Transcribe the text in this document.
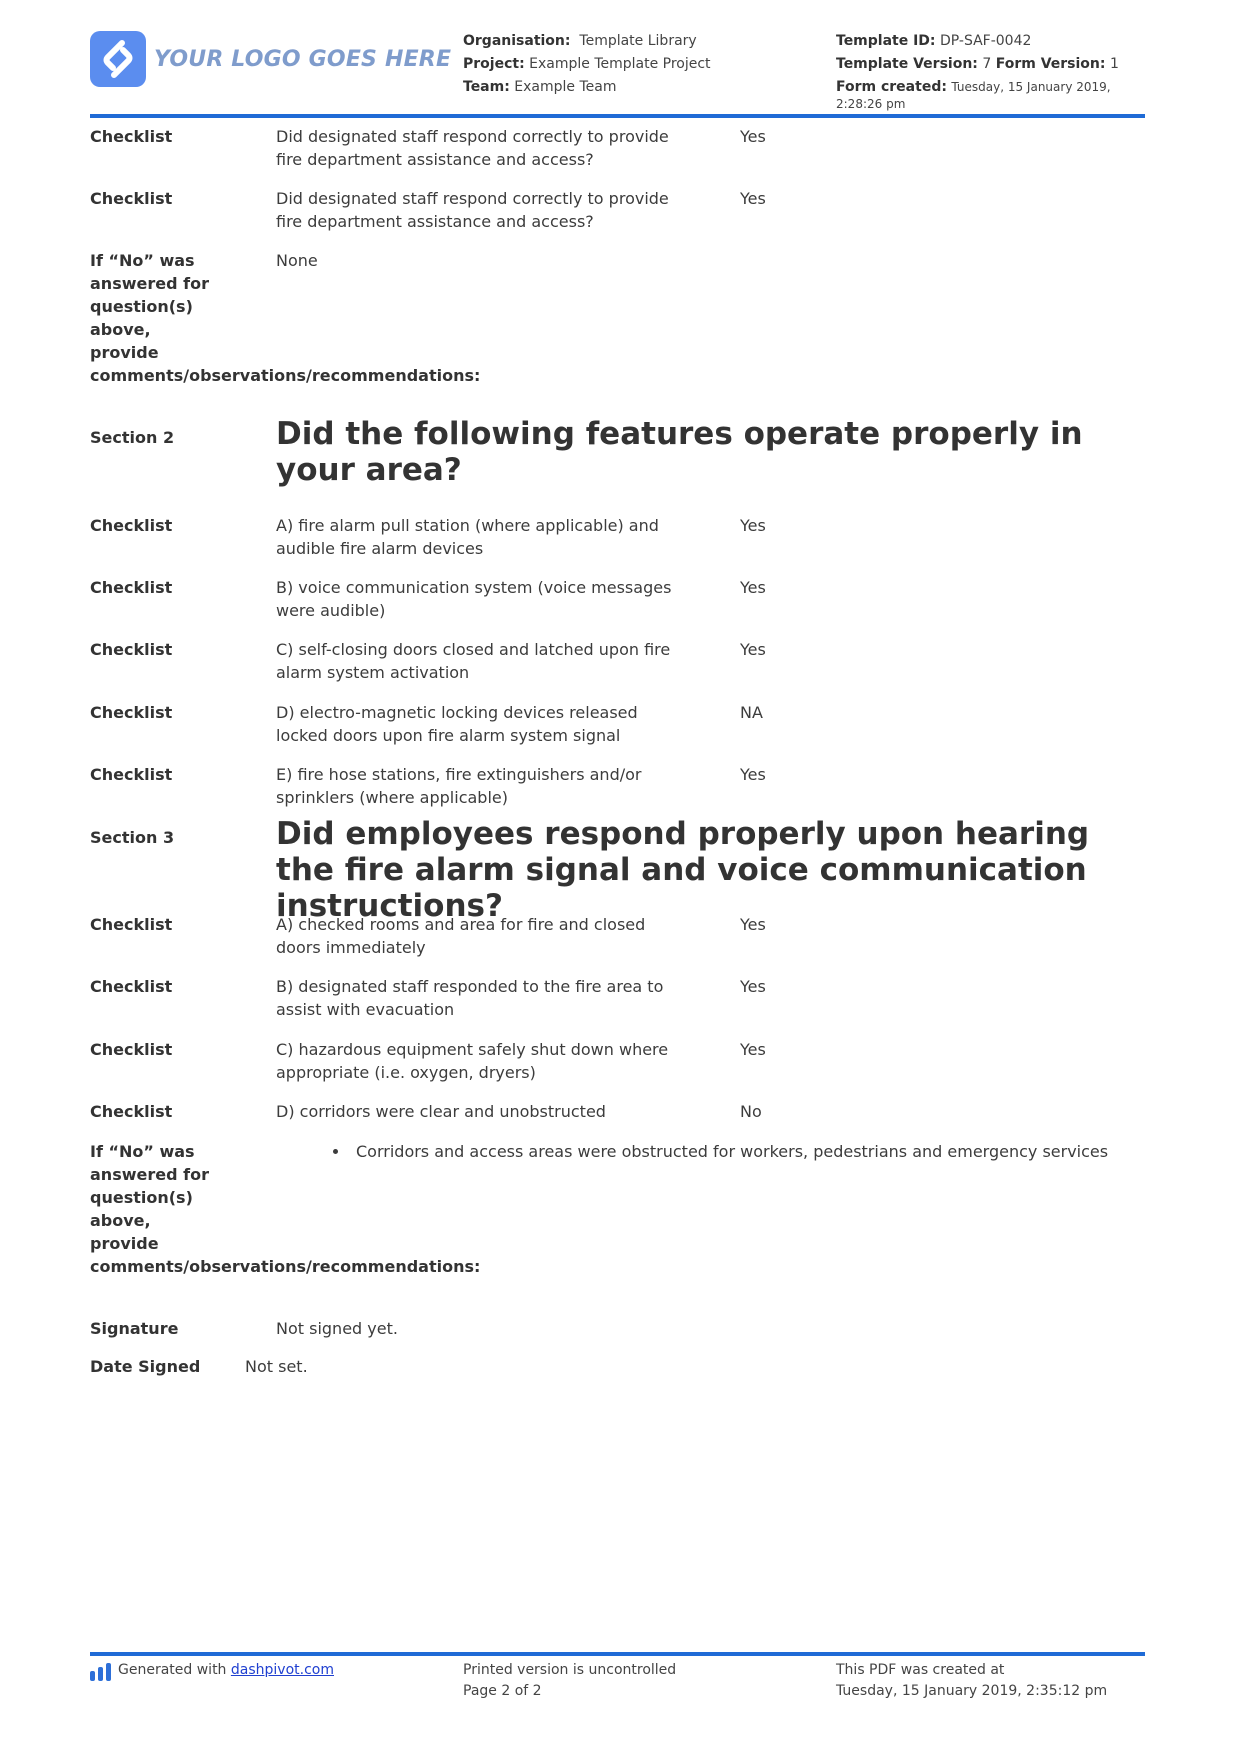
YOUR LOGO GOES HERE
Organisation: Template Library
Project: Example Template Project
Team: Example Team
Template ID: DP-SAF-0042
Template Version: 7 Form Version: 1
Form created: Tuesday, 15 January 2019, 2:28:26 pm
Checklist	Did designated staff respond correctly to provide fire department assistance and access?
Yes
Checklist	Did designated staff respond correctly to provide fire department assistance and access?
Yes
If “No” was answered for question(s) above, provide comments/observations/recommendations:
None
Section 2	Did the following features operate properly in your area?
Checklist	A) fire alarm pull station (where applicable) and audible fire alarm devices
Yes
Checklist	B) voice communication system (voice messages were audible)
Yes
Checklist	C) self-closing doors closed and latched upon fire alarm system activation
Yes
Checklist	D) electro-magnetic locking devices released locked doors upon fire alarm system signal
NA
Checklist	E) fire hose stations, fire extinguishers and/or sprinklers (where applicable)
Yes
Section 3	Did employees respond properly upon hearing the fire alarm signal and voice communication instructions?
Checklist	A) checked rooms and area for fire and closed doors immediately
Yes
Checklist	B) designated staff responded to the fire area to assist with evacuation
Yes
Checklist	C) hazardous equipment safely shut down where appropriate (i.e. oxygen, dryers)
Yes
Checklist	D) corridors were clear and unobstructed	No
If “No” was answered for question(s) above, provide comments/observations/recommendations:
• Corridors and access areas were obstructed for workers, pedestrians and emergency services
Signature	Not signed yet.
Date Signed	Not set.
Generated with
dashpivot.com	Printed version is uncontrolled
Page 2 of 2
This PDF was created at
Tuesday, 15 January 2019, 2:35:12 pm
